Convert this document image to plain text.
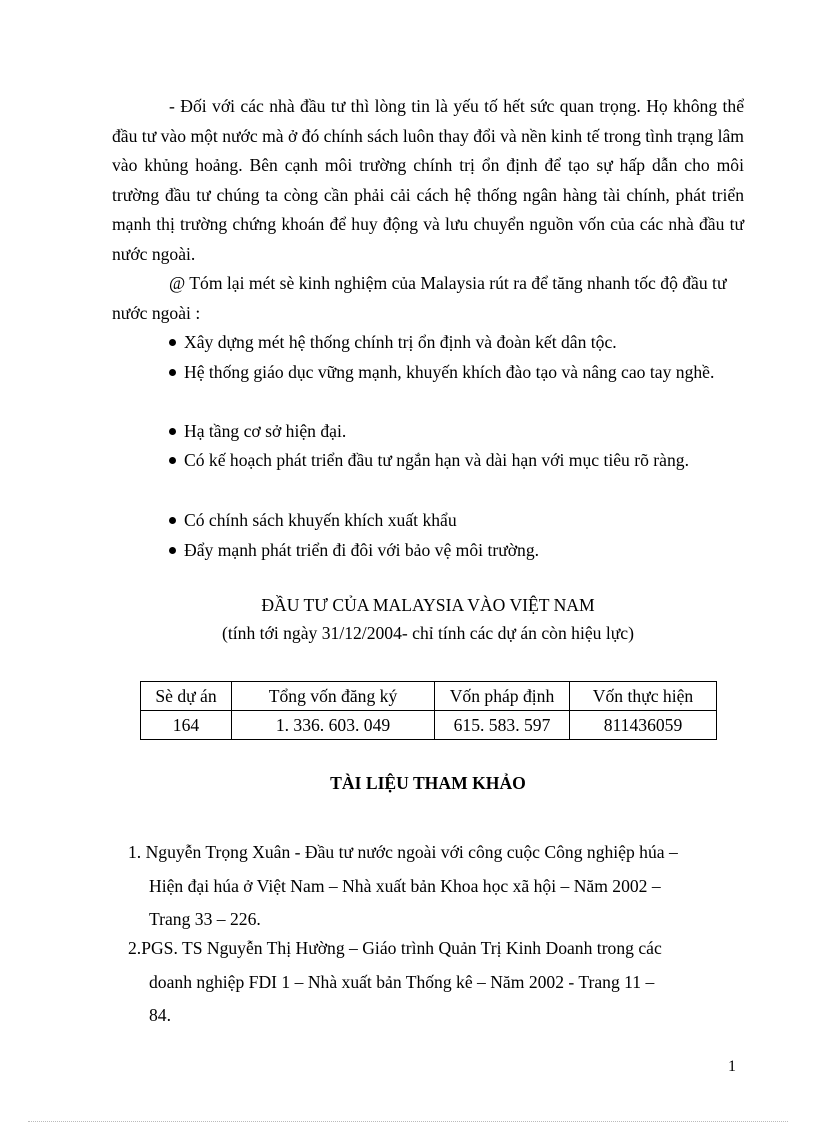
- Đối với các nhà đầu tư thì lòng tin là yếu tố hết sức quan trọng. Họ không thể đầu tư vào một nước mà ở đó chính sách luôn thay đổi và nền kinh tế trong tình trạng lâm vào khủng hoảng. Bên cạnh môi trường chính trị ổn định để tạo sự hấp dẫn cho môi trường đầu tư chúng ta còng cần phải cải cách hệ thống ngân hàng tài chính, phát triển mạnh thị trường chứng khoán để huy động và lưu chuyển nguồn vốn của các nhà đầu tư nước ngoài.
@ Tóm lại mét sè kinh nghiệm của Malaysia rút ra để tăng nhanh tốc độ đầu tư nước ngoài :
Xây dựng mét hệ thống chính trị ổn định và đoàn kết dân tộc.
Hệ thống giáo dục vững mạnh, khuyến khích đào tạo và nâng cao tay nghề.
Hạ tầng cơ sở hiện đại.
Có kế hoạch phát triển đầu tư ngắn hạn và dài hạn với mục tiêu rõ ràng.
Có chính sách khuyến khích xuất khẩu
Đẩy mạnh phát triển đi đôi với bảo vệ môi trường.
ĐẦU TƯ CỦA MALAYSIA VÀO VIỆT NAM
(tính tới ngày 31/12/2004- chỉ tính các dự án còn hiệu lực)
Sè dự án	Tổng vốn đăng ký	Vốn pháp định	Vốn thực hiện
164	1. 336. 603. 049	615. 583. 597	811436059
TÀI LIỆU THAM KHẢO
1. Nguyễn Trọng Xuân - Đầu tư nước ngoài với công cuộc Công nghiệp húa –
Hiện đại húa ở Việt Nam – Nhà xuất bản Khoa học xã hội – Năm 2002 –
Trang 33 – 226.
2.PGS. TS Nguyễn Thị Hường – Giáo trình Quản Trị Kinh Doanh trong các
doanh nghiệp FDI 1 – Nhà xuất bản Thống kê – Năm 2002 - Trang 11 –
84.
1
